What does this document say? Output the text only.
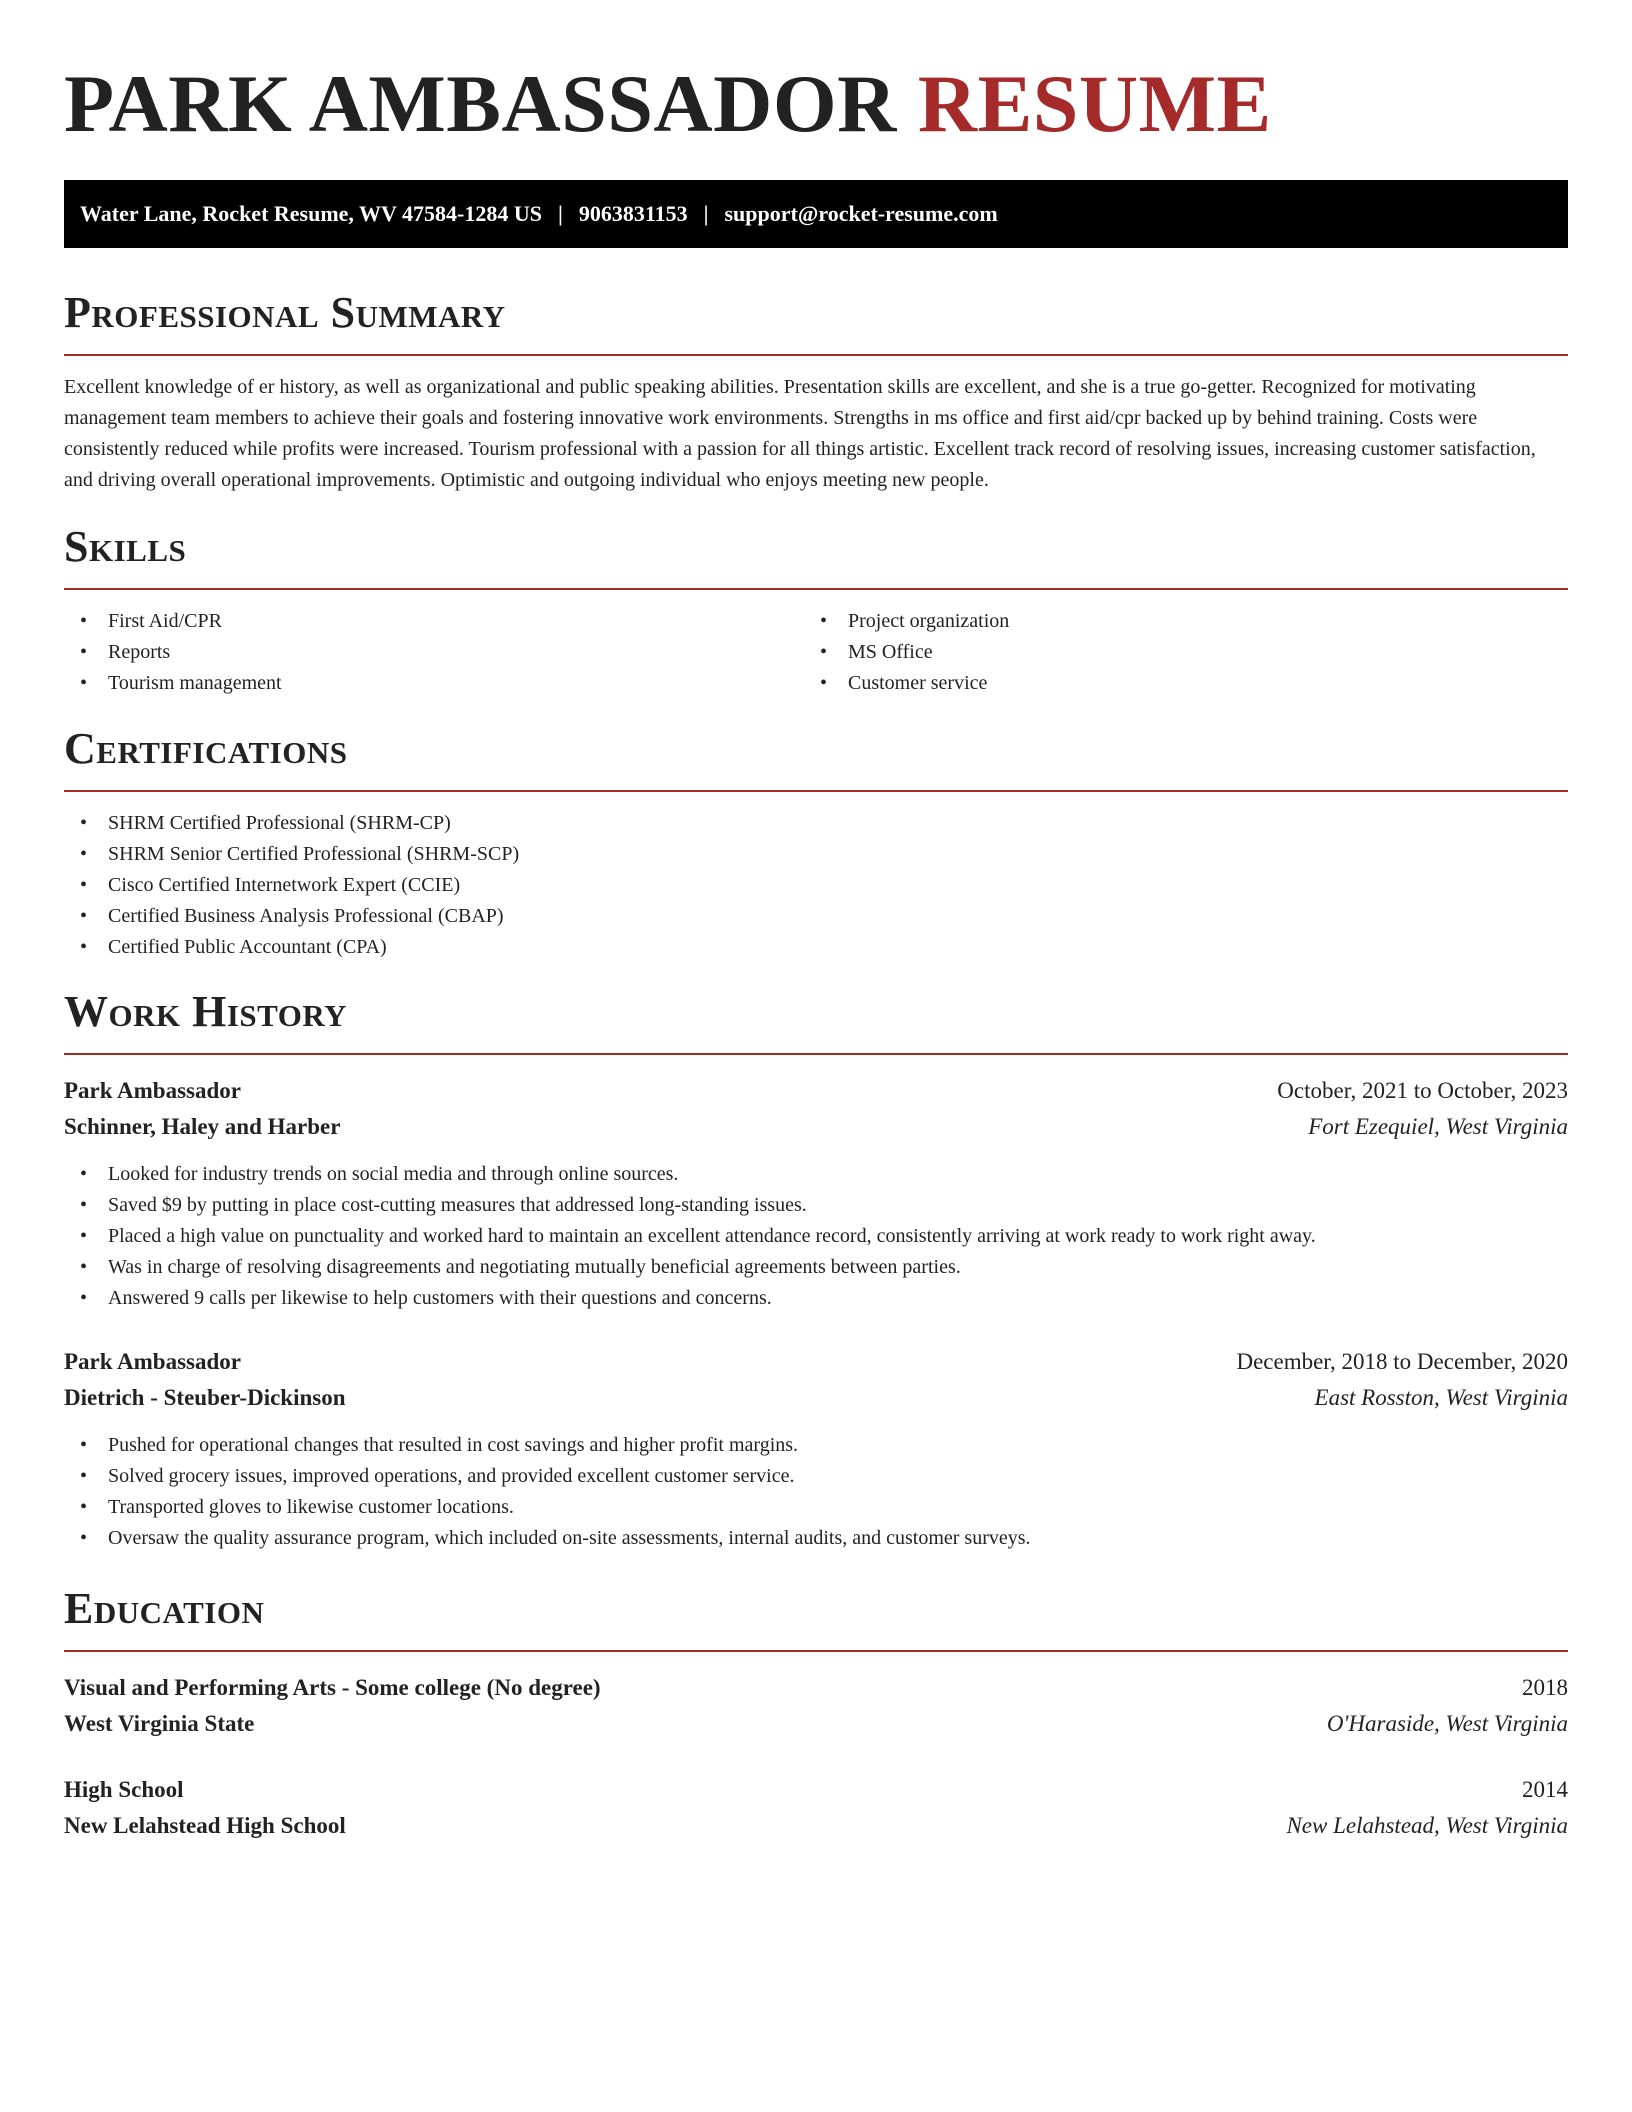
PARK AMBASSADOR RESUME
Water Lane, Rocket Resume, WV 47584-1284 US | 9063831153 | support@rocket-resume.com
Professional Summary

Excellent knowledge of er history, as well as organizational and public speaking abilities. Presentation skills are excellent, and she is a true go-getter. Recognized for motivating management team members to achieve their goals and fostering innovative work environments. Strengths in ms office and first aid/cpr backed up by behind training. Costs were consistently reduced while profits were increased. Tourism professional with a passion for all things artistic. Excellent track record of resolving issues, increasing customer satisfaction, and driving overall operational improvements. Optimistic and outgoing individual who enjoys meeting new people.

Skills
• First Aid/CPR
• Reports
• Tourism management
• Project organization
• MS Office
• Customer service
Certifications
• SHRM Certified Professional (SHRM-CP)
• SHRM Senior Certified Professional (SHRM-SCP)
• Cisco Certified Internetwork Expert (CCIE)
• Certified Business Analysis Professional (CBAP)
• Certified Public Accountant (CPA)
Work History
Park Ambassador	October, 2021 to October, 2023
Schinner, Haley and Harber	Fort Ezequiel, West Virginia
• Looked for industry trends on social media and through online sources.
• Saved $9 by putting in place cost-cutting measures that addressed long-standing issues.
• Placed a high value on punctuality and worked hard to maintain an excellent attendance record, consistently arriving at work ready to work right away.
• Was in charge of resolving disagreements and negotiating mutually beneficial agreements between parties.
• Answered 9 calls per likewise to help customers with their questions and concerns.
Park Ambassador	December, 2018 to December, 2020
Dietrich - Steuber-Dickinson	East Rosston, West Virginia
• Pushed for operational changes that resulted in cost savings and higher profit margins.
• Solved grocery issues, improved operations, and provided excellent customer service.
• Transported gloves to likewise customer locations.
• Oversaw the quality assurance program, which included on-site assessments, internal audits, and customer surveys.
Education
Visual and Performing Arts - Some college (No degree)	2018
West Virginia State	O'Haraside, West Virginia
High School	2014
New Lelahstead High School	New Lelahstead, West Virginia
